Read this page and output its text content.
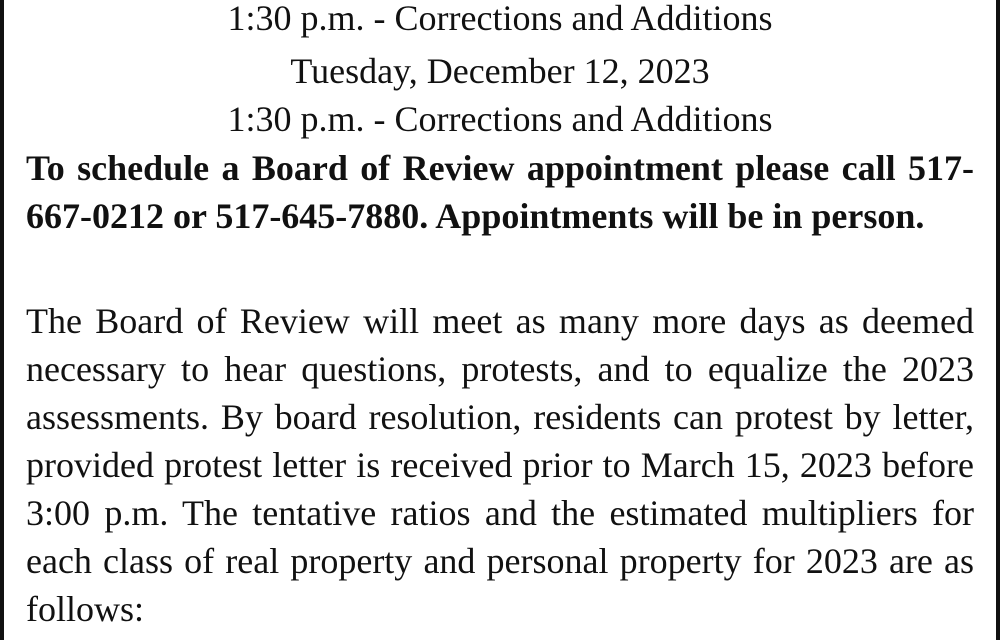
1:30 p.m. - Corrections and Additions

Tuesday, December 12, 2023

1:30 p.m. - Corrections and Additions

To schedule a Board of Review appointment please call 517-667-0212 or 517-645-7880. Appointments will be in person.

The Board of Review will meet as many more days as deemed necessary to hear questions, protests, and to equalize the 2023 assessments. By board resolution, residents can protest by letter, provided protest letter is received prior to March 15, 2023 before 3:00 p.m. The tentative ratios and the estimated multipliers for each class of real property and personal property for 2023 are as follows:
